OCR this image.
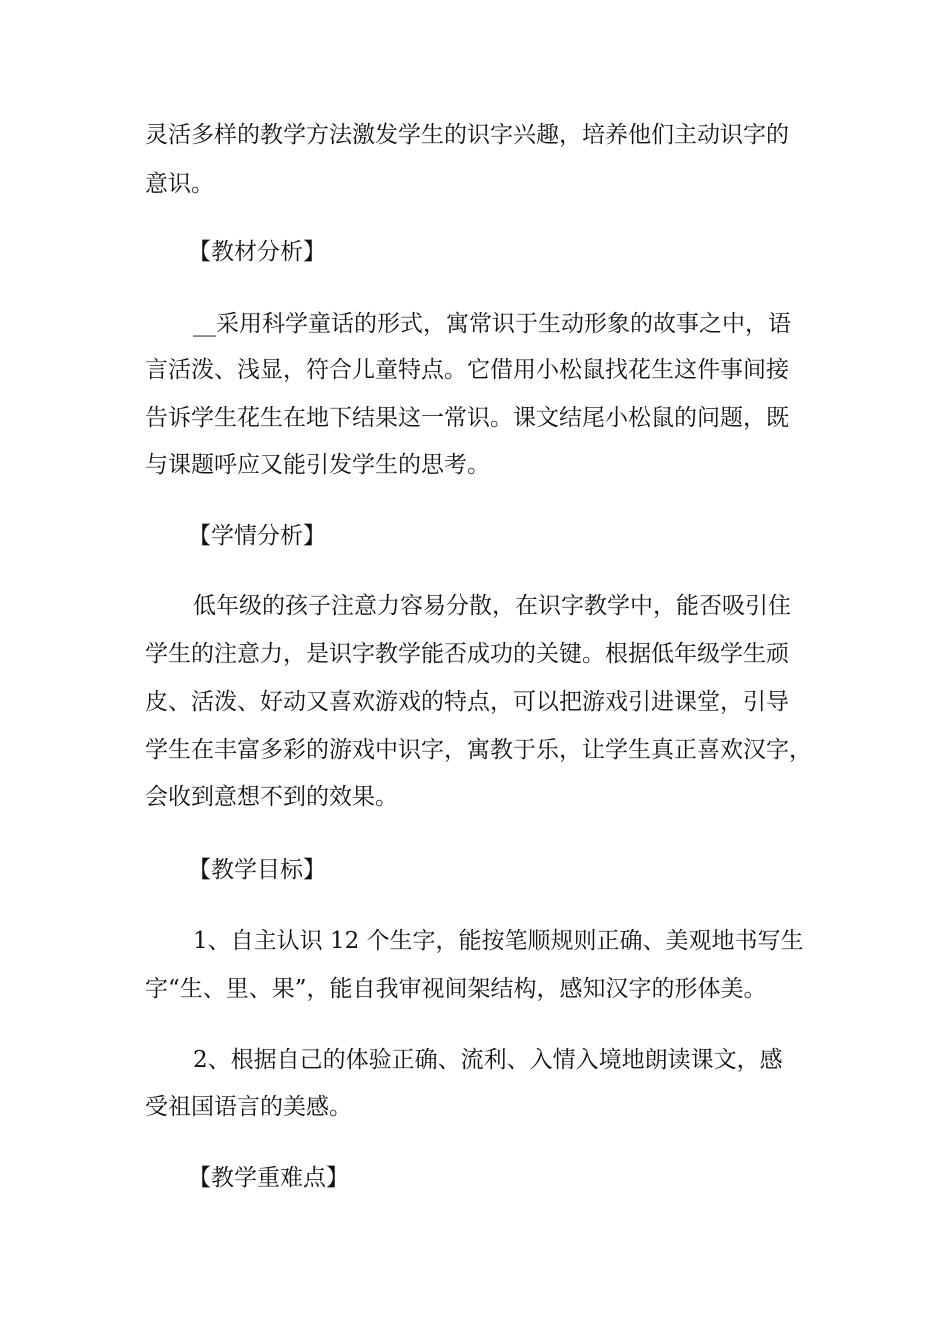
灵活多样的教学方法激发学生的识字兴趣，培养他们主动识字的
意识。
【教材分析】
__采用科学童话的形式，寓常识于生动形象的故事之中，语
言活泼、浅显，符合儿童特点。它借用小松鼠找花生这件事间接
告诉学生花生在地下结果这一常识。课文结尾小松鼠的问题，既
与课题呼应又能引发学生的思考。
【学情分析】
低年级的孩子注意力容易分散，在识字教学中，能否吸引住
学生的注意力，是识字教学能否成功的关键。根据低年级学生顽
皮、活泼、好动又喜欢游戏的特点，可以把游戏引进课堂，引导
学生在丰富多彩的游戏中识字，寓教于乐，让学生真正喜欢汉字，
会收到意想不到的效果。
【教学目标】
1、自主认识 12 个生字，能按笔顺规则正确、美观地书写生
字“生、里、果”，能自我审视间架结构，感知汉字的形体美。
2、根据自己的体验正确、流利、入情入境地朗读课文，感
受祖国语言的美感。
【教学重难点】
